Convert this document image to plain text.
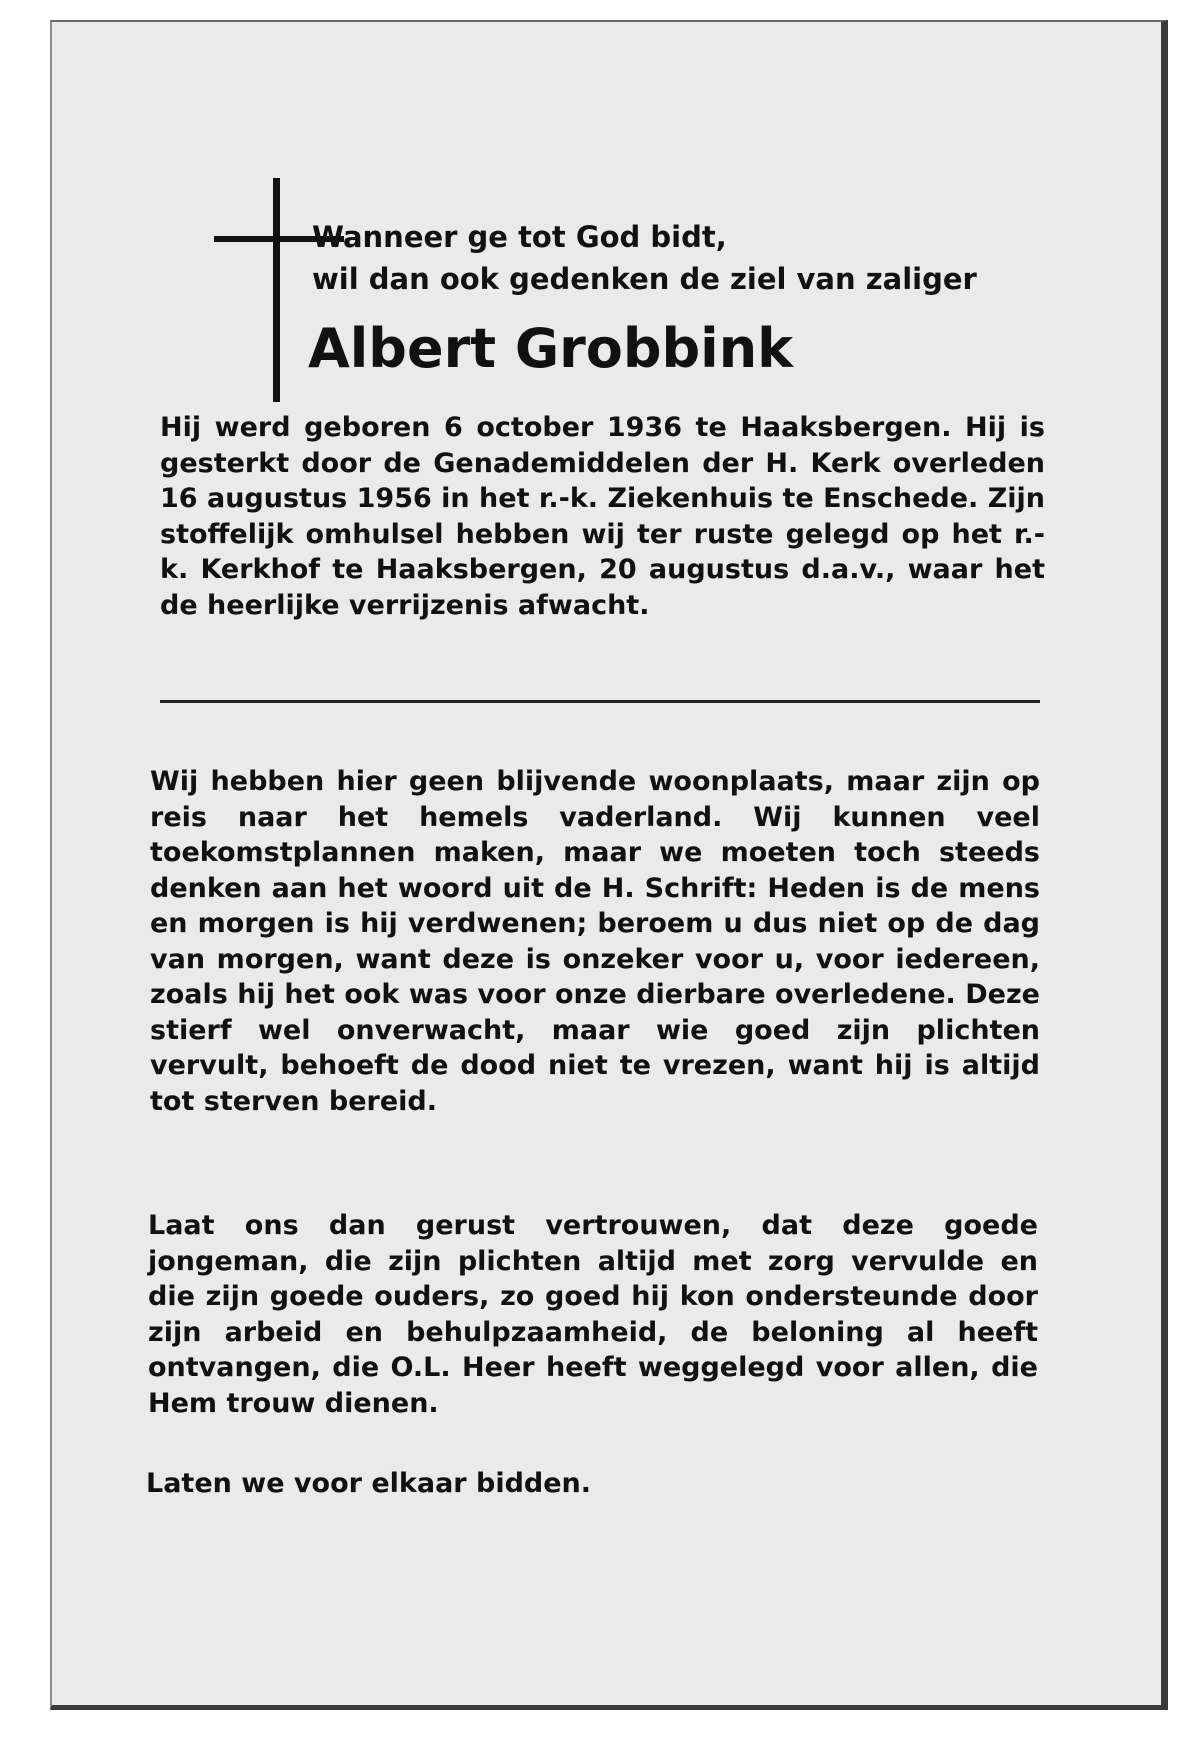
Wanneer ge tot God bidt,
wil dan ook gedenken de ziel van zaliger

Albert Grobbink

Hij werd geboren 6 october 1936 te Haaksbergen. Hij is gesterkt door de Genademiddelen der H. Kerk overleden 16 augustus 1956 in het r.-k. Ziekenhuis te Enschede. Zijn stoffelijk omhulsel hebben wij ter ruste gelegd op het r.-k. Kerkhof te Haaksbergen, 20 augustus d.a.v., waar het de heerlijke verrijzenis afwacht.

Wij hebben hier geen blijvende woonplaats, maar zijn op reis naar het hemels vaderland. Wij kunnen veel toekomstplannen maken, maar we moeten toch steeds denken aan het woord uit de H. Schrift: Heden is de mens en morgen is hij verdwenen; beroem u dus niet op de dag van morgen, want deze is onzeker voor u, voor iedereen, zoals hij het ook was voor onze dierbare overledene. Deze stierf wel onverwacht, maar wie goed zijn plichten vervult, behoeft de dood niet te vrezen, want hij is altijd tot sterven bereid.

Laat ons dan gerust vertrouwen, dat deze goede jongeman, die zijn plichten altijd met zorg vervulde en die zijn goede ouders, zo goed hij kon ondersteunde door zijn arbeid en behulpzaamheid, de beloning al heeft ontvangen, die O.L. Heer heeft weggelegd voor allen, die Hem trouw dienen.

Laten we voor elkaar bidden.
